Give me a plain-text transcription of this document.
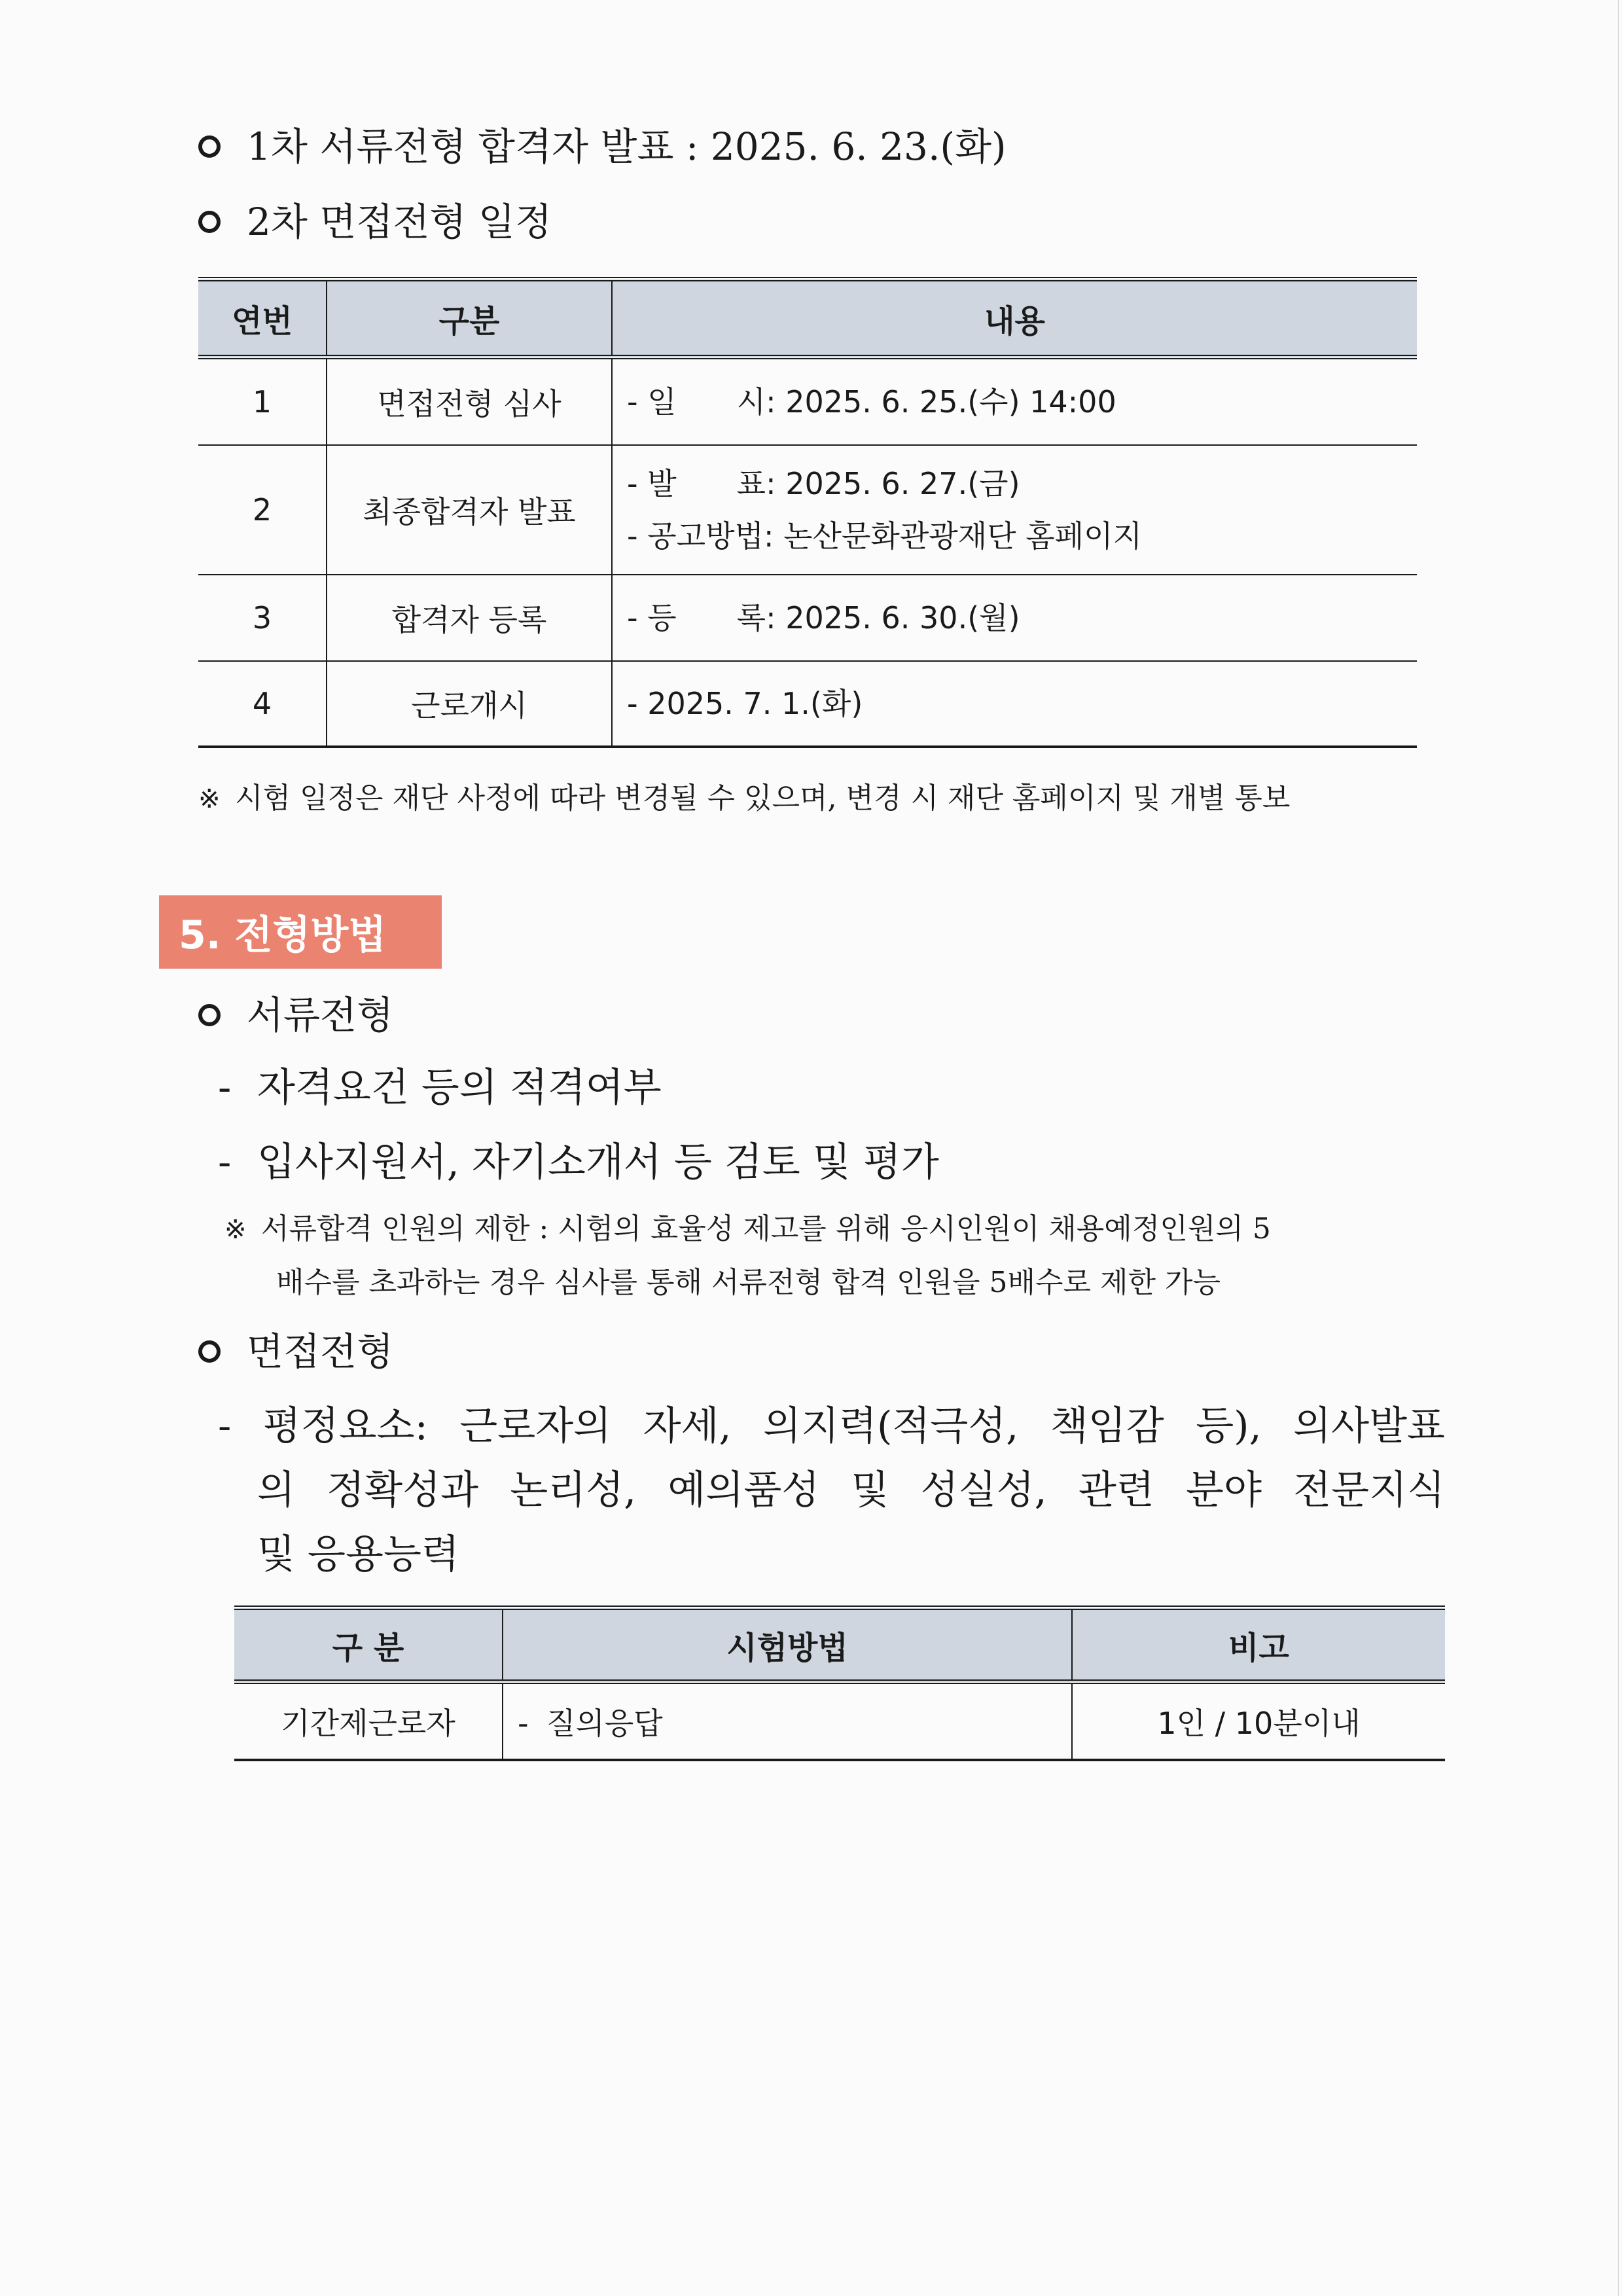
1차 서류전형 합격자 발표 : 2025. 6. 23.(화)
2차 면접전형 일정
연번	구분	내용
1	면접전형 심사	- 일　　시: 2025. 6. 25.(수) 14:00

2	최종합격자 발표	- 발　　표: 2025. 6. 27.(금)
- 공고방법: 논산문화관광재단 홈페이지

3	합격자 등록	- 등　　록: 2025. 6. 30.(월)

4	근로개시	- 2025. 7. 1.(화)
※ 시험 일정은 재단 사정에 따라 변경될 수 있으며, 변경 시 재단 홈페이지 및 개별 통보
5. 전형방법
서류전형
- 자격요건 등의 적격여부
- 입사지원서, 자기소개서 등 검토 및 평가
※ 서류합격 인원의 제한 : 시험의 효율성 제고를 위해 응시인원이 채용예정인원의 5
배수를 초과하는 경우 심사를 통해 서류전형 합격 인원을 5배수로 제한 가능
면접전형
- 평정요소: 근로자의 자세, 의지력(적극성, 책임감 등), 의사발표
의 정확성과 논리성, 예의품성 및 성실성, 관련 분야 전문지식
및 응용능력
구 분	시험방법	비고
기간제근로자	- 질의응답	1인 / 10분이내
